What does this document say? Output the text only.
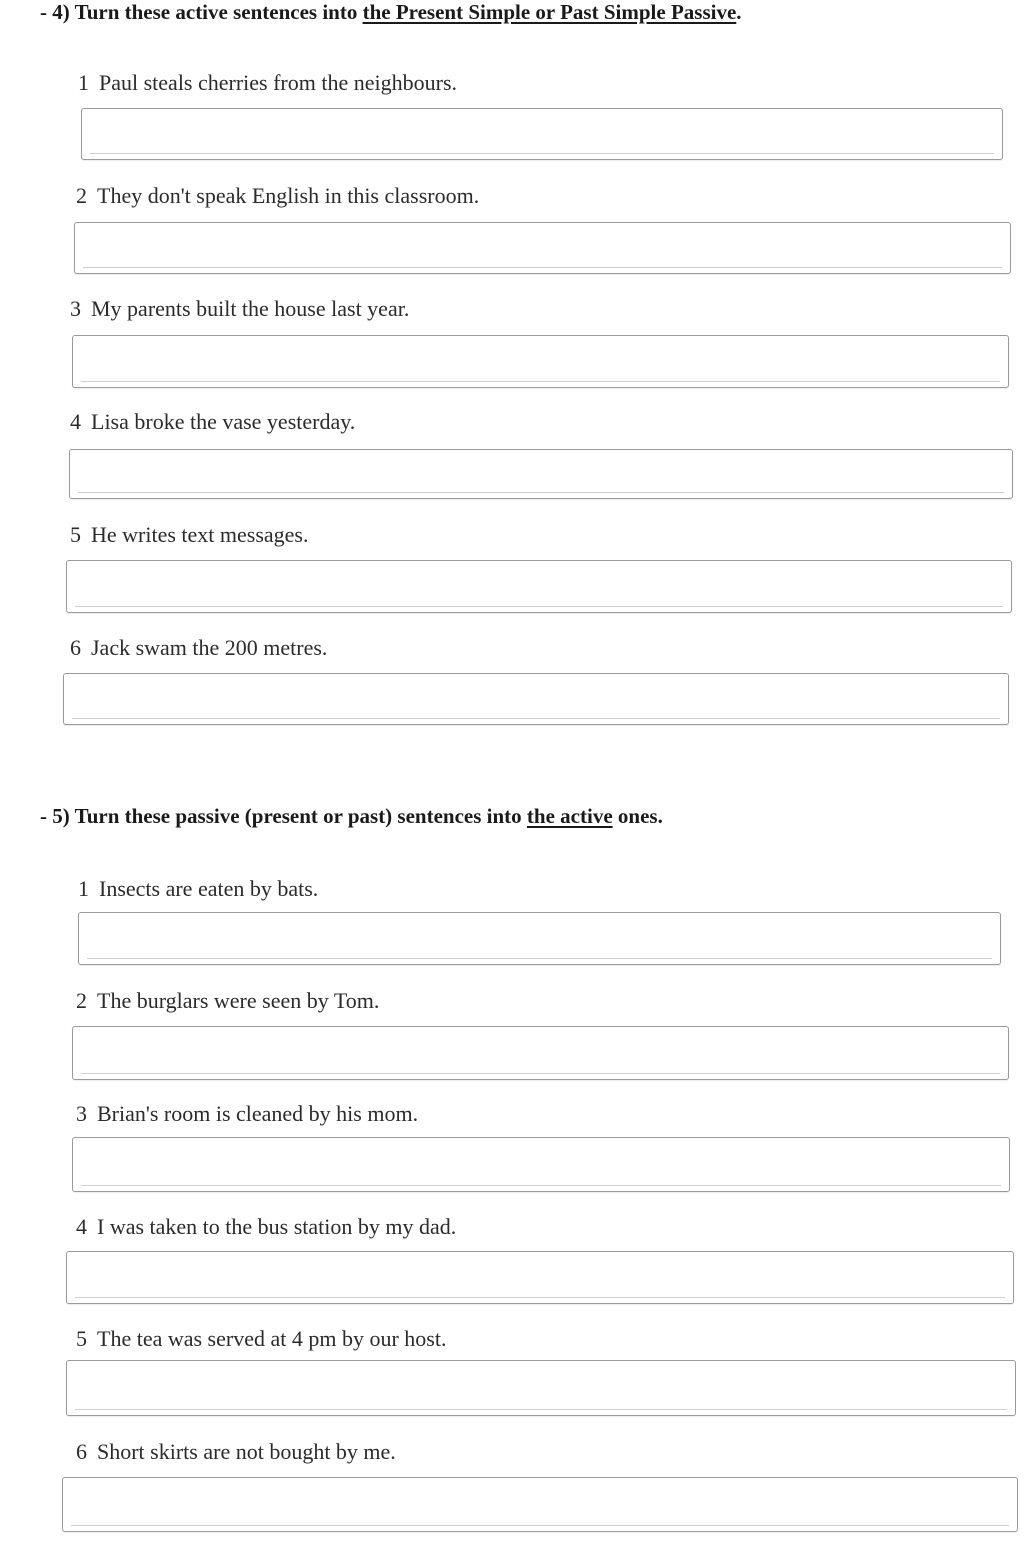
- 4) Turn these active sentences into the Present Simple or Past Simple Passive.
1 Paul steals cherries from the neighbours.
2 They don't speak English in this classroom.
3 My parents built the house last year.
4 Lisa broke the vase yesterday.
5 He writes text messages.
6 Jack swam the 200 metres.
- 5) Turn these passive (present or past) sentences into the active ones.
1 Insects are eaten by bats.
2 The burglars were seen by Tom.
3 Brian's room is cleaned by his mom.
4 I was taken to the bus station by my dad.
5 The tea was served at 4 pm by our host.
6 Short skirts are not bought by me.
